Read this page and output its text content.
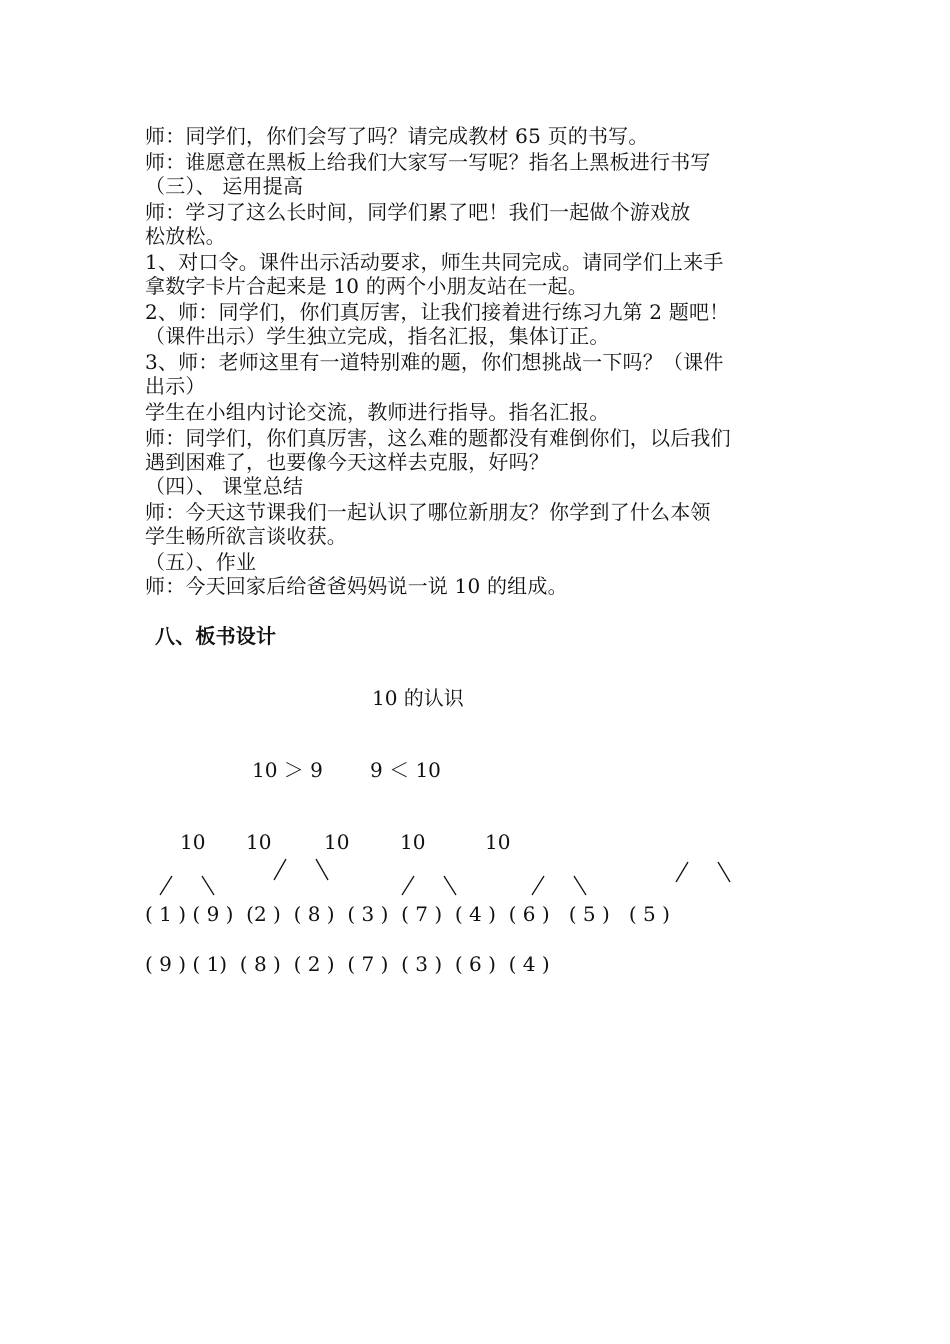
师：同学们，你们会写了吗？请完成教材 65 页的书写。
师：谁愿意在黑板上给我们大家写一写呢？指名上黑板进行书写
（三）、 运用提高
师：学习了这么长时间，同学们累了吧！我们一起做个游戏放
松放松。
1、对口令。课件出示活动要求，师生共同完成。请同学们上来手
拿数字卡片合起来是 10 的两个小朋友站在一起。
2、师：同学们，你们真厉害，让我们接着进行练习九第 2 题吧！
（课件出示）学生独立完成，指名汇报，集体订正。
3、师：老师这里有一道特别难的题，你们想挑战一下吗？（课件
出示）
学生在小组内讨论交流，教师进行指导。指名汇报。
师：同学们，你们真厉害，这么难的题都没有难倒你们，以后我们
遇到困难了，也要像今天这样去克服，好吗？
（四）、 课堂总结
师：今天这节课我们一起认识了哪位新朋友？你学到了什么本领
学生畅所欲言谈收获。
（五）、作业
师：今天回家后给爸爸妈妈说一说 10 的组成。
八、板书设计
10 的认识
10 ＞ 9 9 ＜ 10
10 10	10	10	10
( 1 ) ( 9 )  (2 )  ( 8 )  ( 3 )  ( 7 )  ( 4 )  ( 6 )   ( 5 )   ( 5 )
( 9 ) ( 1)  ( 8 )  ( 2 )  ( 7 )  ( 3 )  ( 6 )  ( 4 )
